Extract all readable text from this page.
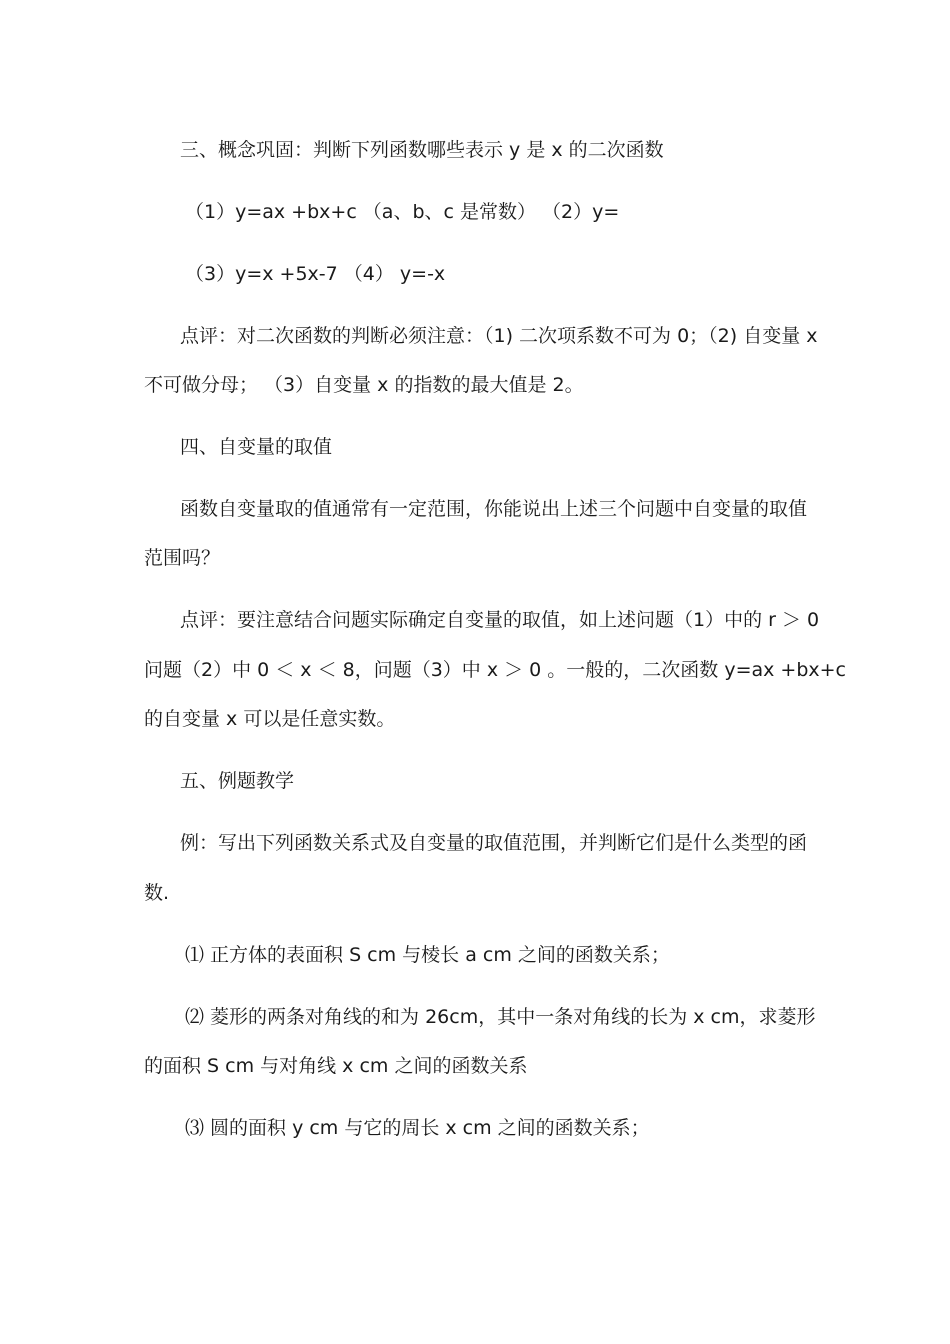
三、概念巩固：判断下列函数哪些表示 y 是 x 的二次函数
（1）y=ax +bx+c （a、b、c 是常数） （2）y=
（3）y=x +5x-7 （4） y=-x
点评：对二次函数的判断必须注意：（1) 二次项系数不可为 0；（2) 自变量 x
不可做分母； （3）自变量 x 的指数的最大值是 2。
四、自变量的取值
函数自变量取的值通常有一定范围，你能说出上述三个问题中自变量的取值
范围吗？
点评：要注意结合问题实际确定自变量的取值，如上述问题（1）中的 r ＞ 0
问题（2）中 0 ＜ x ＜ 8，问题（3）中 x ＞ 0 。一般的，二次函数 y=ax +bx+c
的自变量 x 可以是任意实数。
五、例题教学
例：写出下列函数关系式及自变量的取值范围，并判断它们是什么类型的函
数.
⑴ 正方体的表面积 S cm 与棱长 a cm 之间的函数关系；
⑵ 菱形的两条对角线的和为 26cm，其中一条对角线的长为 x cm，求菱形
的面积 S cm 与对角线 x cm 之间的函数关系
⑶ 圆的面积 y cm 与它的周长 x cm 之间的函数关系；
